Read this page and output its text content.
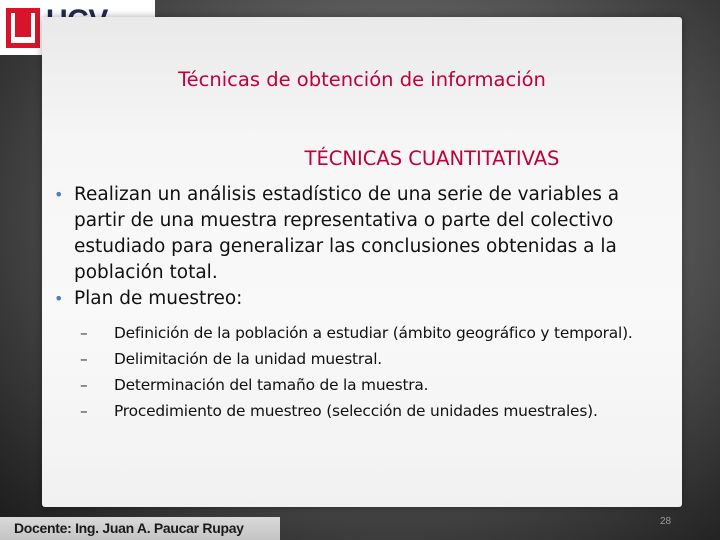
Técnicas de obtención de información
TÉCNICAS CUANTITATIVAS
• Realizan un análisis estadístico de una serie de variables a partir de una muestra representativa o parte del colectivo estudiado para generalizar las conclusiones obtenidas a la población total.
• Plan de muestreo:
– Definición de la población a estudiar (ámbito geográfico y temporal).
– Delimitación de la unidad muestral.
– Determinación del tamaño de la muestra.
– Procedimiento de muestreo (selección de unidades muestrales).
28
Docente: Ing. Juan A. Paucar Rupay
